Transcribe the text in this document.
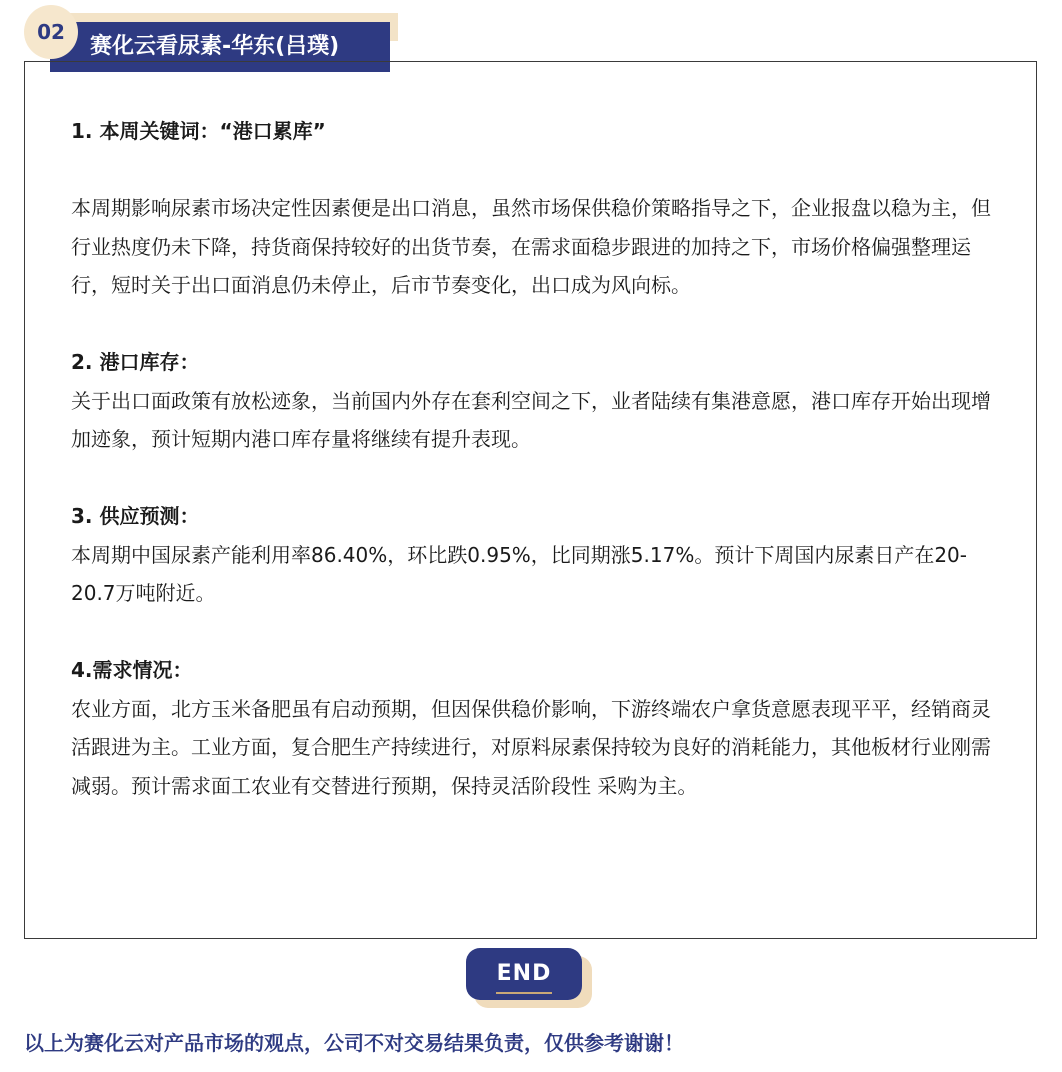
赛化云看尿素-华东(吕璞)
02

1. 本周关键词：“港口累库”

本周期影响尿素市场决定性因素便是出口消息，虽然市场保供稳价策略指导之下，企业报盘以稳为主，但行业热度仍未下降，持货商保持较好的出货节奏，在需求面稳步跟进的加持之下，市场价格偏强整理运行，短时关于出口面消息仍未停止，后市节奏变化，出口成为风向标。

2. 港口库存：

关于出口面政策有放松迹象，当前国内外存在套利空间之下，业者陆续有集港意愿，港口库存开始出现增加迹象，预计短期内港口库存量将继续有提升表现。

3. 供应预测：

本周期中国尿素产能利用率86.40%，环比跌0.95%，比同期涨5.17%。预计下周国内尿素日产在20-20.7万吨附近。

4.需求情况：

农业方面，北方玉米备肥虽有启动预期，但因保供稳价影响，下游终端农户拿货意愿表现平平，经销商灵活跟进为主。工业方面，复合肥生产持续进行，对原料尿素保持较为良好的消耗能力，其他板材行业刚需减弱。预计需求面工农业有交替进行预期，保持灵活阶段性 采购为主。

END
以上为赛化云对产品市场的观点，公司不对交易结果负责，仅供参考谢谢！
